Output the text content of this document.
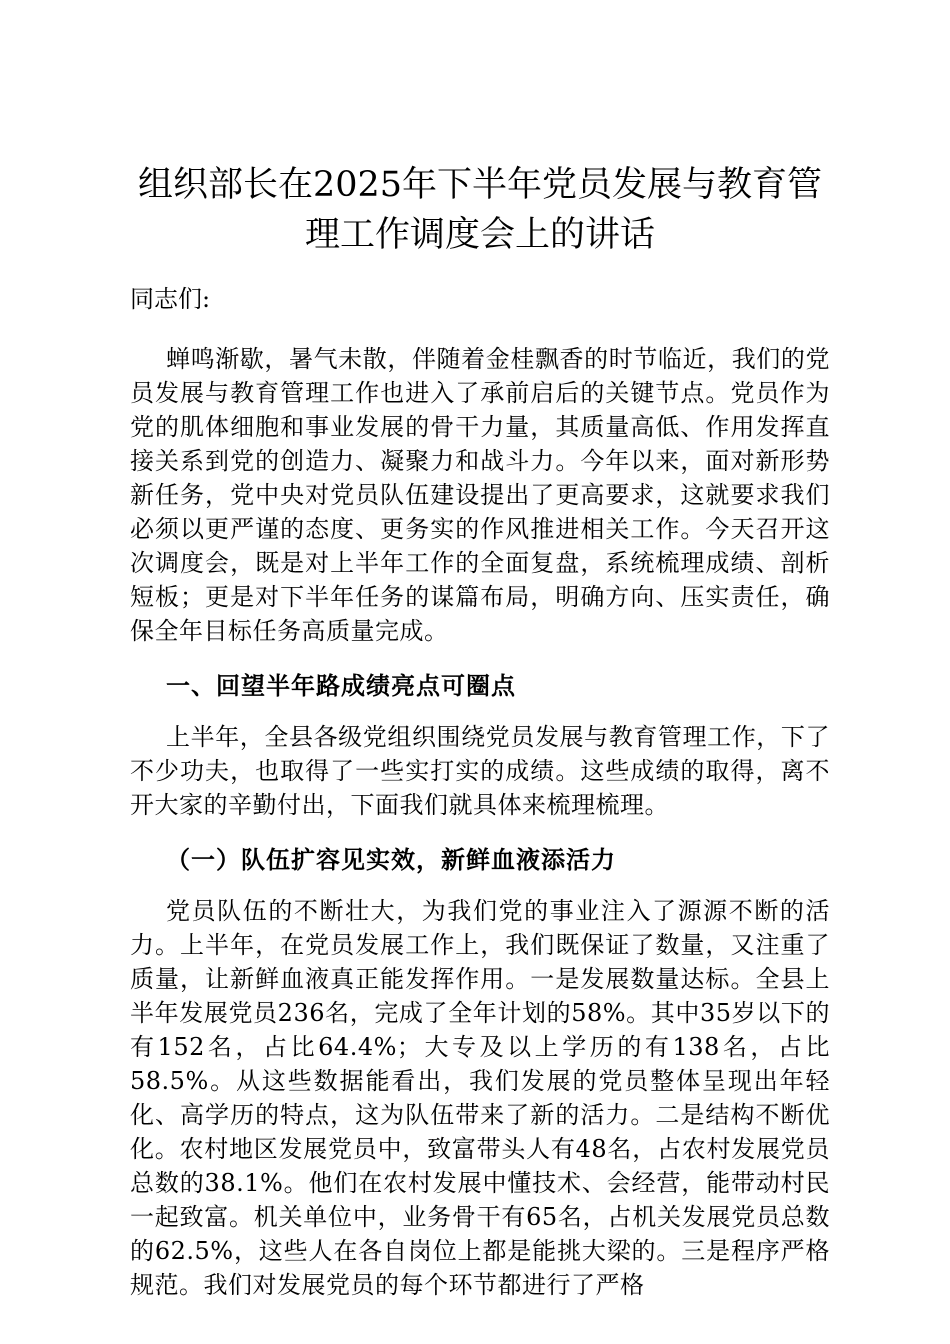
组织部长在2025年下半年党员发展与教育管理工作调度会上的讲话

同志们:

蝉鸣渐歇，暑气未散，伴随着金桂飘香的时节临近，我们的党员发展与教育管理工作也进入了承前启后的关键节点。党员作为党的肌体细胞和事业发展的骨干力量，其质量高低、作用发挥直接关系到党的创造力、凝聚力和战斗力。今年以来，面对新形势新任务，党中央对党员队伍建设提出了更高要求，这就要求我们必须以更严谨的态度、更务实的作风推进相关工作。今天召开这次调度会，既是对上半年工作的全面复盘，系统梳理成绩、剖析短板；更是对下半年任务的谋篇布局，明确方向、压实责任，确保全年目标任务高质量完成。

一、回望半年路成绩亮点可圈点

上半年，全县各级党组织围绕党员发展与教育管理工作，下了不少功夫，也取得了一些实打实的成绩。这些成绩的取得，离不开大家的辛勤付出，下面我们就具体来梳理梳理。

（一）队伍扩容见实效，新鲜血液添活力

党员队伍的不断壮大，为我们党的事业注入了源源不断的活力。上半年，在党员发展工作上，我们既保证了数量，又注重了质量，让新鲜血液真正能发挥作用。一是发展数量达标。全县上半年发展党员236名，完成了全年计划的58%。其中35岁以下的有152名，占比64.4%；大专及以上学历的有138名，占比58.5%。从这些数据能看出，我们发展的党员整体呈现出年轻化、高学历的特点，这为队伍带来了新的活力。二是结构不断优化。农村地区发展党员中，致富带头人有48名，占农村发展党员总数的38.1%。他们在农村发展中懂技术、会经营，能带动村民一起致富。机关单位中，业务骨干有65名，占机关发展党员总数的62.5%，这些人在各自岗位上都是能挑大梁的。三是程序严格规范。我们对发展党员的每个环节都进行了严格
